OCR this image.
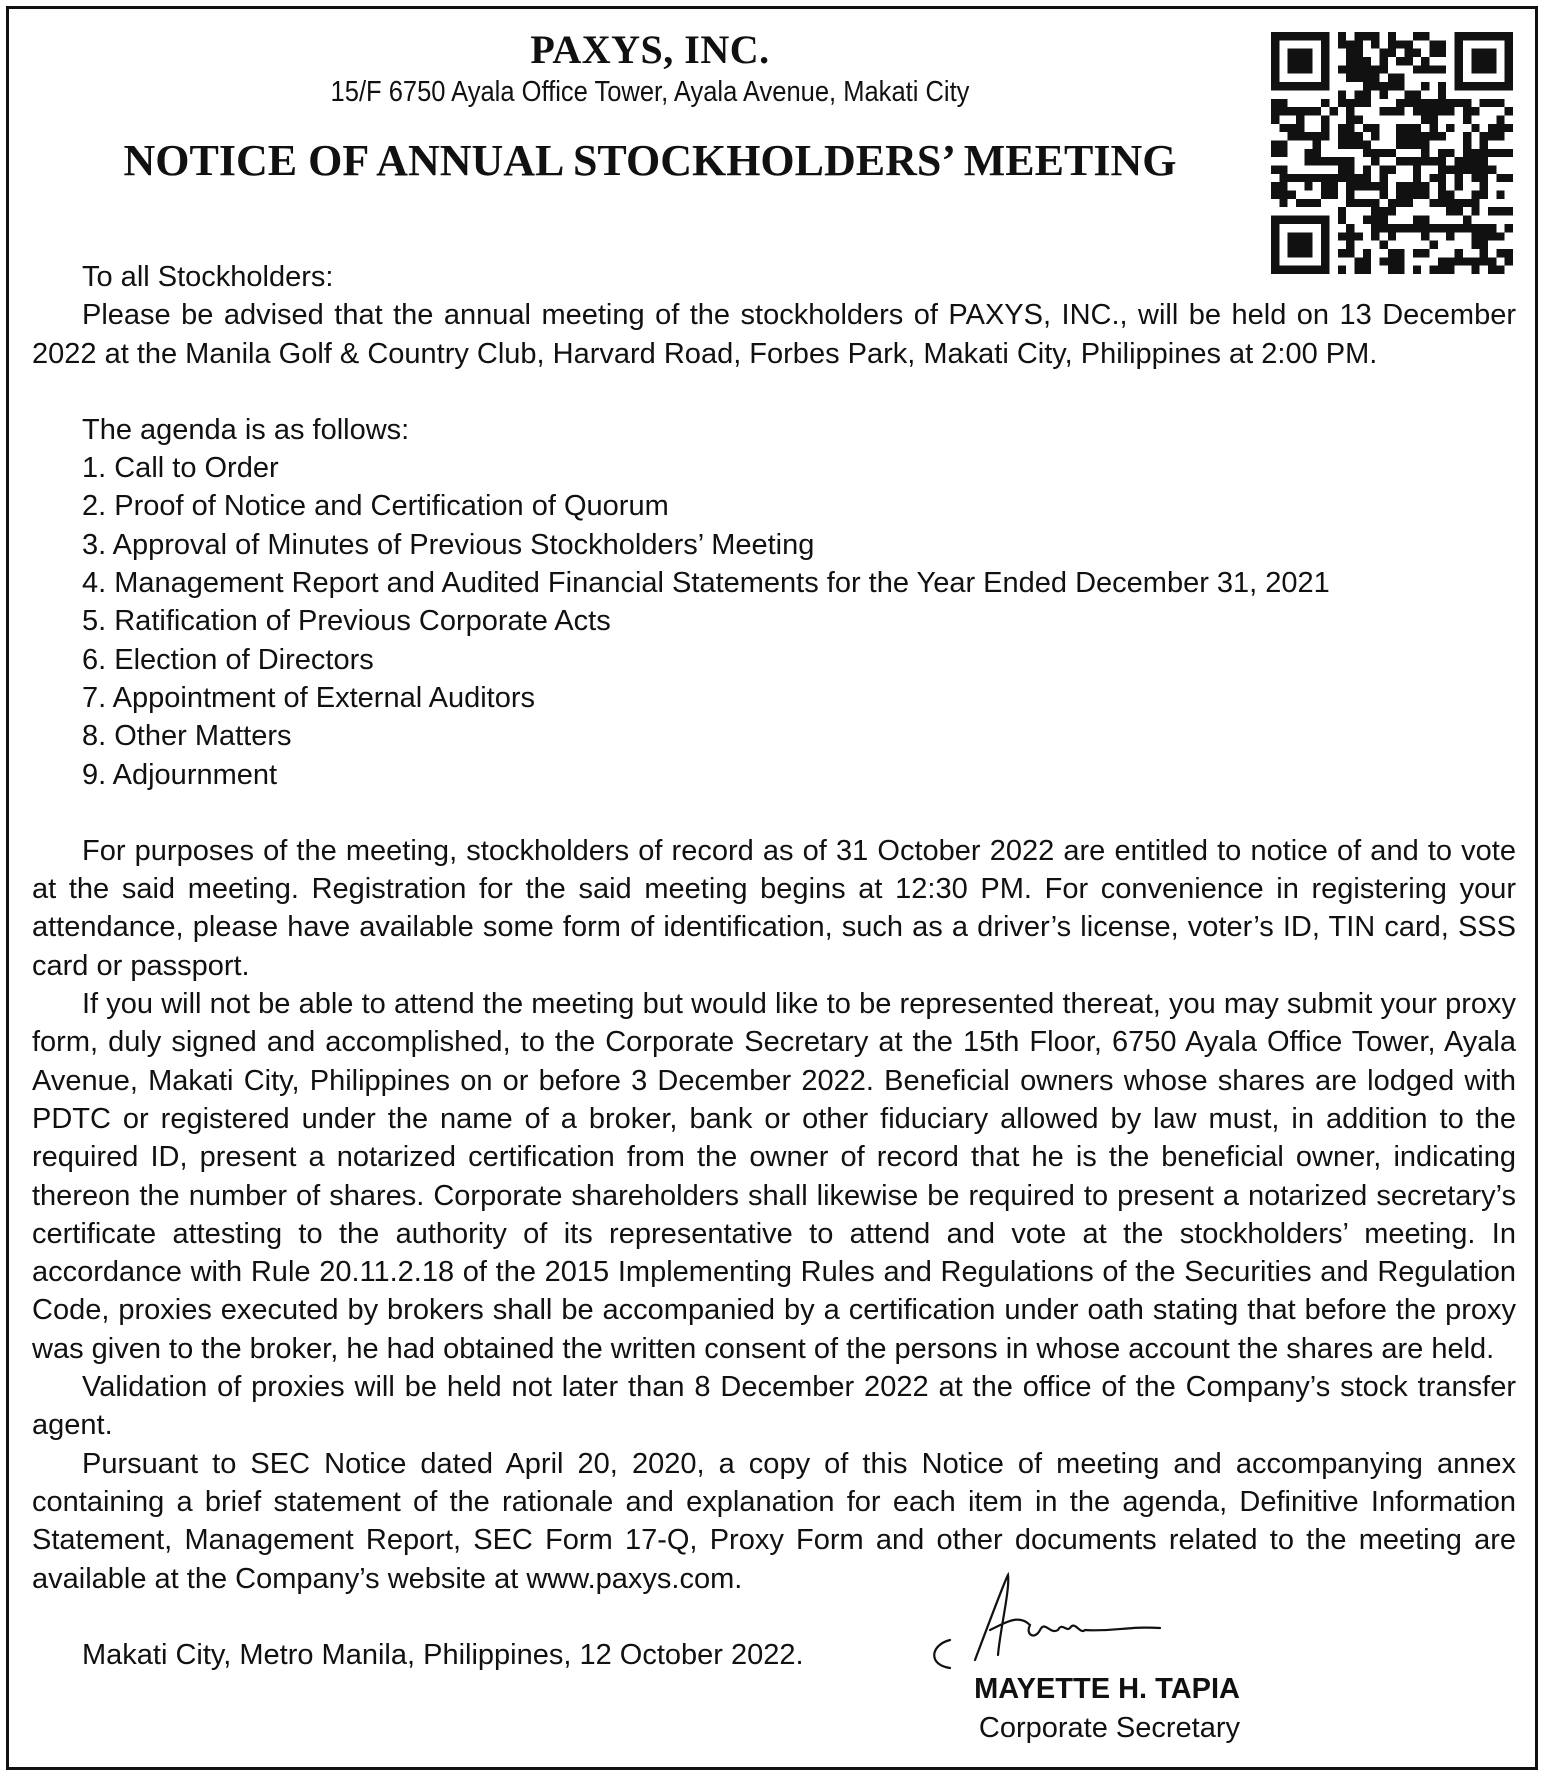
PAXYS, INC.
15/F 6750 Ayala Office Tower, Ayala Avenue, Makati City
NOTICE OF ANNUAL STOCKHOLDERS’ MEETING

To all Stockholders:

Please be advised that the annual meeting of the stockholders of PAXYS, INC., will be held on 13 December 2022 at the Manila Golf & Country Club, Harvard Road, Forbes Park, Makati City, Philippines at 2:00 PM.

The agenda is as follows:

1. Call to Order
2. Proof of Notice and Certification of Quorum
3. Approval of Minutes of Previous Stockholders’ Meeting
4. Management Report and Audited Financial Statements for the Year Ended December 31, 2021
5. Ratification of Previous Corporate Acts
6. Election of Directors
7. Appointment of External Auditors
8. Other Matters
9. Adjournment

For purposes of the meeting, stockholders of record as of 31 October 2022 are entitled to notice of and to vote at the said meeting. Registration for the said meeting begins at 12:30 PM. For convenience in registering your attendance, please have available some form of identification, such as a driver’s license, voter’s ID, TIN card, SSS card or passport.

If you will not be able to attend the meeting but would like to be represented thereat, you may submit your proxy form, duly signed and accomplished, to the Corporate Secretary at the 15th Floor, 6750 Ayala Office Tower, Ayala Avenue, Makati City, Philippines on or before 3 December 2022. Beneficial owners whose shares are lodged with PDTC or registered under the name of a broker, bank or other fiduciary allowed by law must, in addition to the required ID, present a notarized certification from the owner of record that he is the beneficial owner, indicating thereon the number of shares. Corporate shareholders shall likewise be required to present a notarized secretary’s certificate attesting to the authority of its representative to attend and vote at the stockholders’ meeting. In accordance with Rule 20.11.2.18 of the 2015 Implementing Rules and Regulations of the Securities and Regulation Code, proxies executed by brokers shall be accompanied by a certification under oath stating that before the proxy was given to the broker, he had obtained the written consent of the persons in whose account the shares are held.

Validation of proxies will be held not later than 8 December 2022 at the office of the Company’s stock transfer agent.

Pursuant to SEC Notice dated April 20, 2020, a copy of this Notice of meeting and accompanying annex containing a brief statement of the rationale and explanation for each item in the agenda, Definitive Information Statement, Management Report, SEC Form 17-Q, Proxy Form and other documents related to the meeting are available at the Company’s website at www.paxys.com.

Makati City, Metro Manila, Philippines, 12 October 2022.

MAYETTE H. TAPIA
Corporate Secretary
